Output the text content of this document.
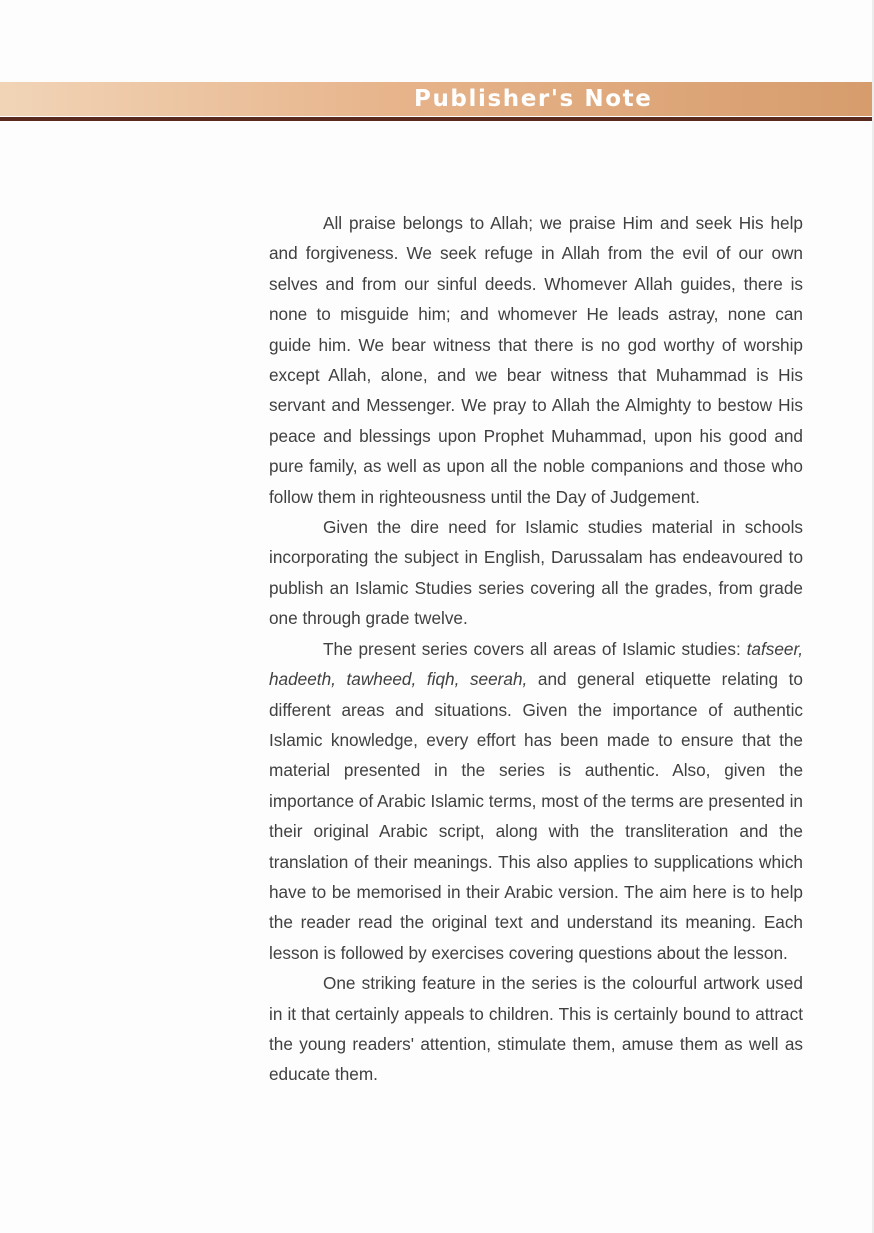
Publisher's Note

All praise belongs to Allah; we praise Him and seek His help and forgiveness. We seek refuge in Allah from the evil of our own selves and from our sinful deeds. Whomever Allah guides, there is none to misguide him; and whomever He leads astray, none can guide him. We bear witness that there is no god worthy of worship except Allah, alone, and we bear witness that Muhammad is His servant and Messenger. We pray to Allah the Almighty to bestow His peace and blessings upon Prophet Muhammad, upon his good and pure family, as well as upon all the noble companions and those who follow them in righteousness until the Day of Judgement.

Given the dire need for Islamic studies material in schools incorporating the subject in English, Darussalam has endeavoured to publish an Islamic Studies series covering all the grades, from grade one through grade twelve.

The present series covers all areas of Islamic studies: tafseer, hadeeth, tawheed, fiqh, seerah, and general etiquette relating to different areas and situations. Given the importance of authentic Islamic knowledge, every effort has been made to ensure that the material presented in the series is authentic. Also, given the importance of Arabic Islamic terms, most of the terms are presented in their original Arabic script, along with the transliteration and the translation of their meanings. This also applies to supplications which have to be memorised in their Arabic version. The aim here is to help the reader read the original text and understand its meaning. Each lesson is followed by exercises covering questions about the lesson.

One striking feature in the series is the colourful artwork used in it that certainly appeals to children. This is certainly bound to attract the young readers' attention, stimulate them, amuse them as well as educate them.
